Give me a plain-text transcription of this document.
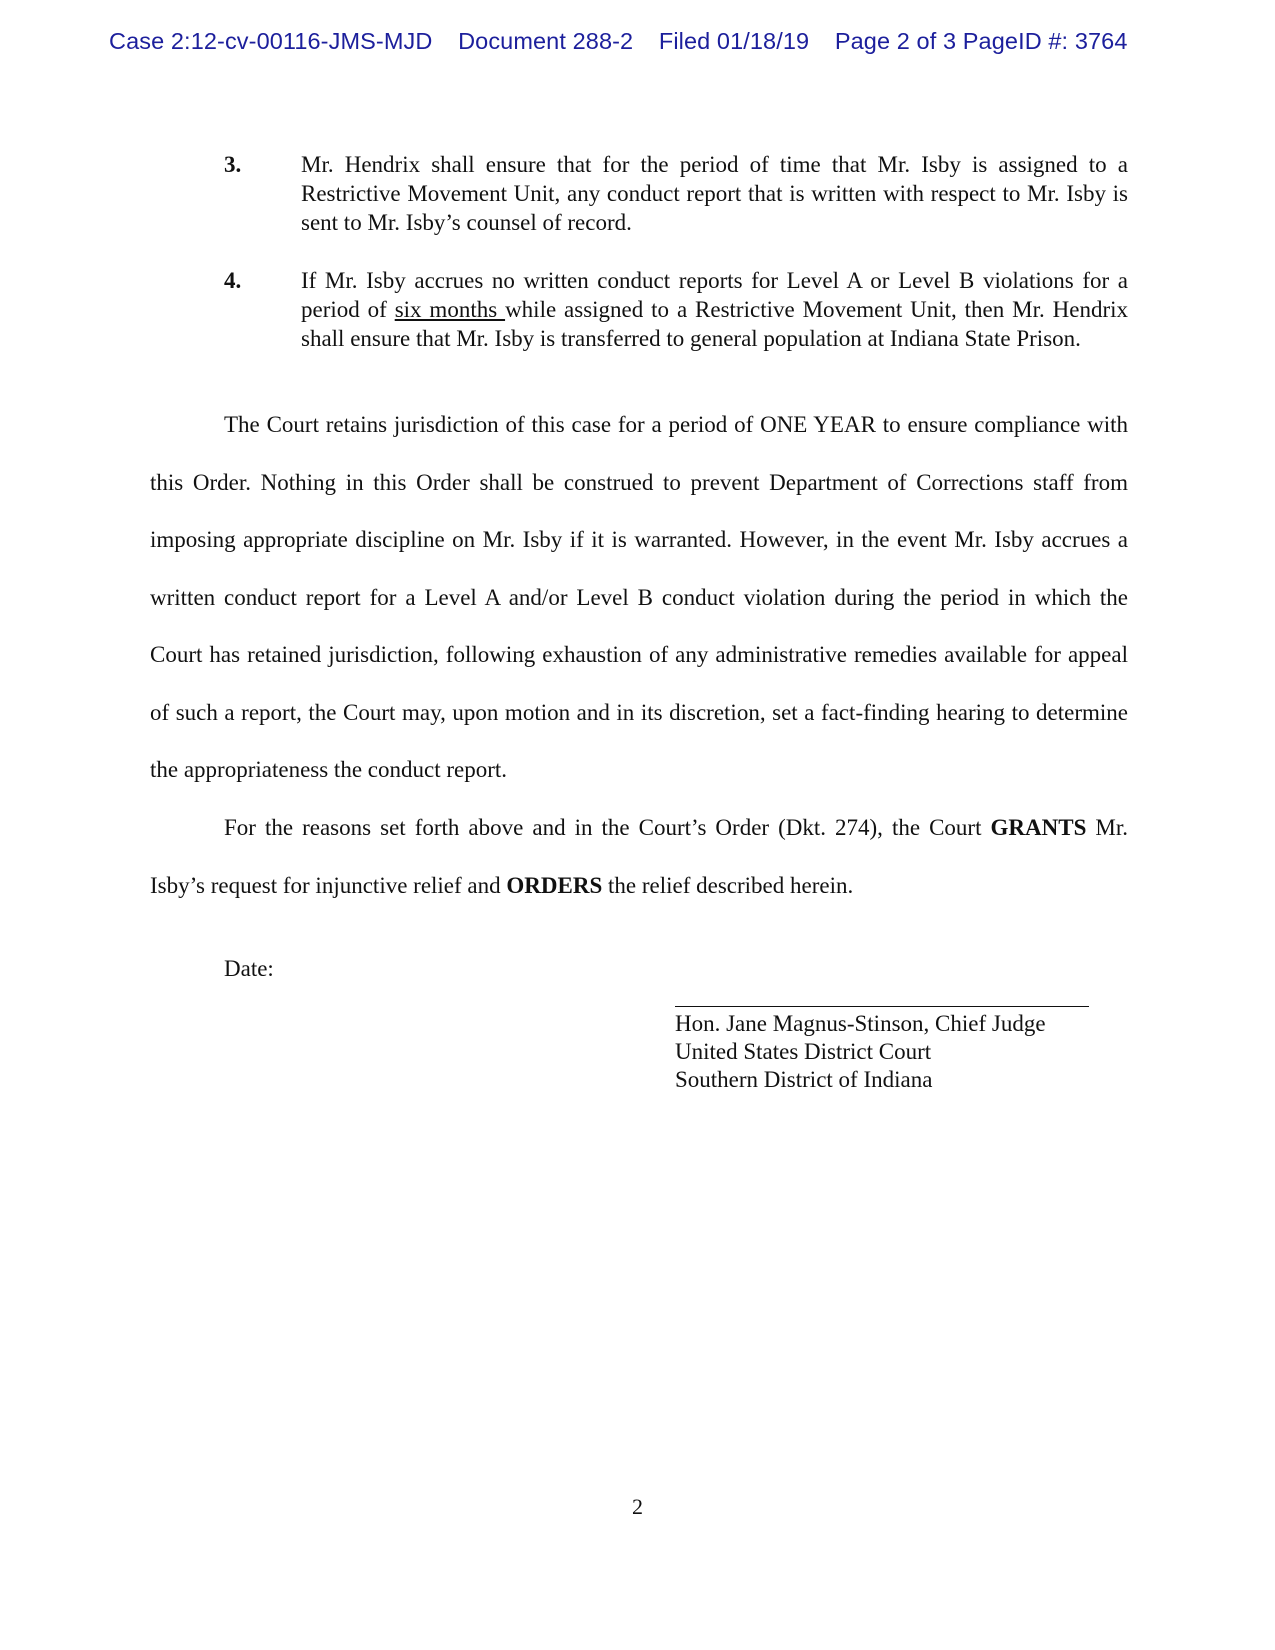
Case 2:12-cv-00116-JMS-MJD Document 288-2 Filed 01/18/19 Page 2 of 3 PageID #: 3764
3.	Mr. Hendrix shall ensure that for the period of time that Mr. Isby is assigned to a Restrictive Movement Unit, any conduct report that is written with respect to Mr. Isby is sent to Mr. Isby’s counsel of record.
4.	If Mr. Isby accrues no written conduct reports for Level A or Level B violations for a period of six months while assigned to a Restrictive Movement Unit, then Mr. Hendrix shall ensure that Mr. Isby is transferred to general population at Indiana State Prison.

The Court retains jurisdiction of this case for a period of ONE YEAR to ensure compliance with this Order. Nothing in this Order shall be construed to prevent Department of Corrections staff from imposing appropriate discipline on Mr. Isby if it is warranted. However, in the event Mr. Isby accrues a written conduct report for a Level A and/or Level B conduct violation during the period in which the Court has retained jurisdiction, following exhaustion of any administrative remedies available for appeal of such a report, the Court may, upon motion and in its discretion, set a fact-finding hearing to determine the appropriateness the conduct report.

For the reasons set forth above and in the Court’s Order (Dkt. 274), the Court GRANTS Mr. Isby’s request for injunctive relief and ORDERS the relief described herein.

Date:
Hon. Jane Magnus-Stinson, Chief Judge
United States District Court
Southern District of Indiana
2
